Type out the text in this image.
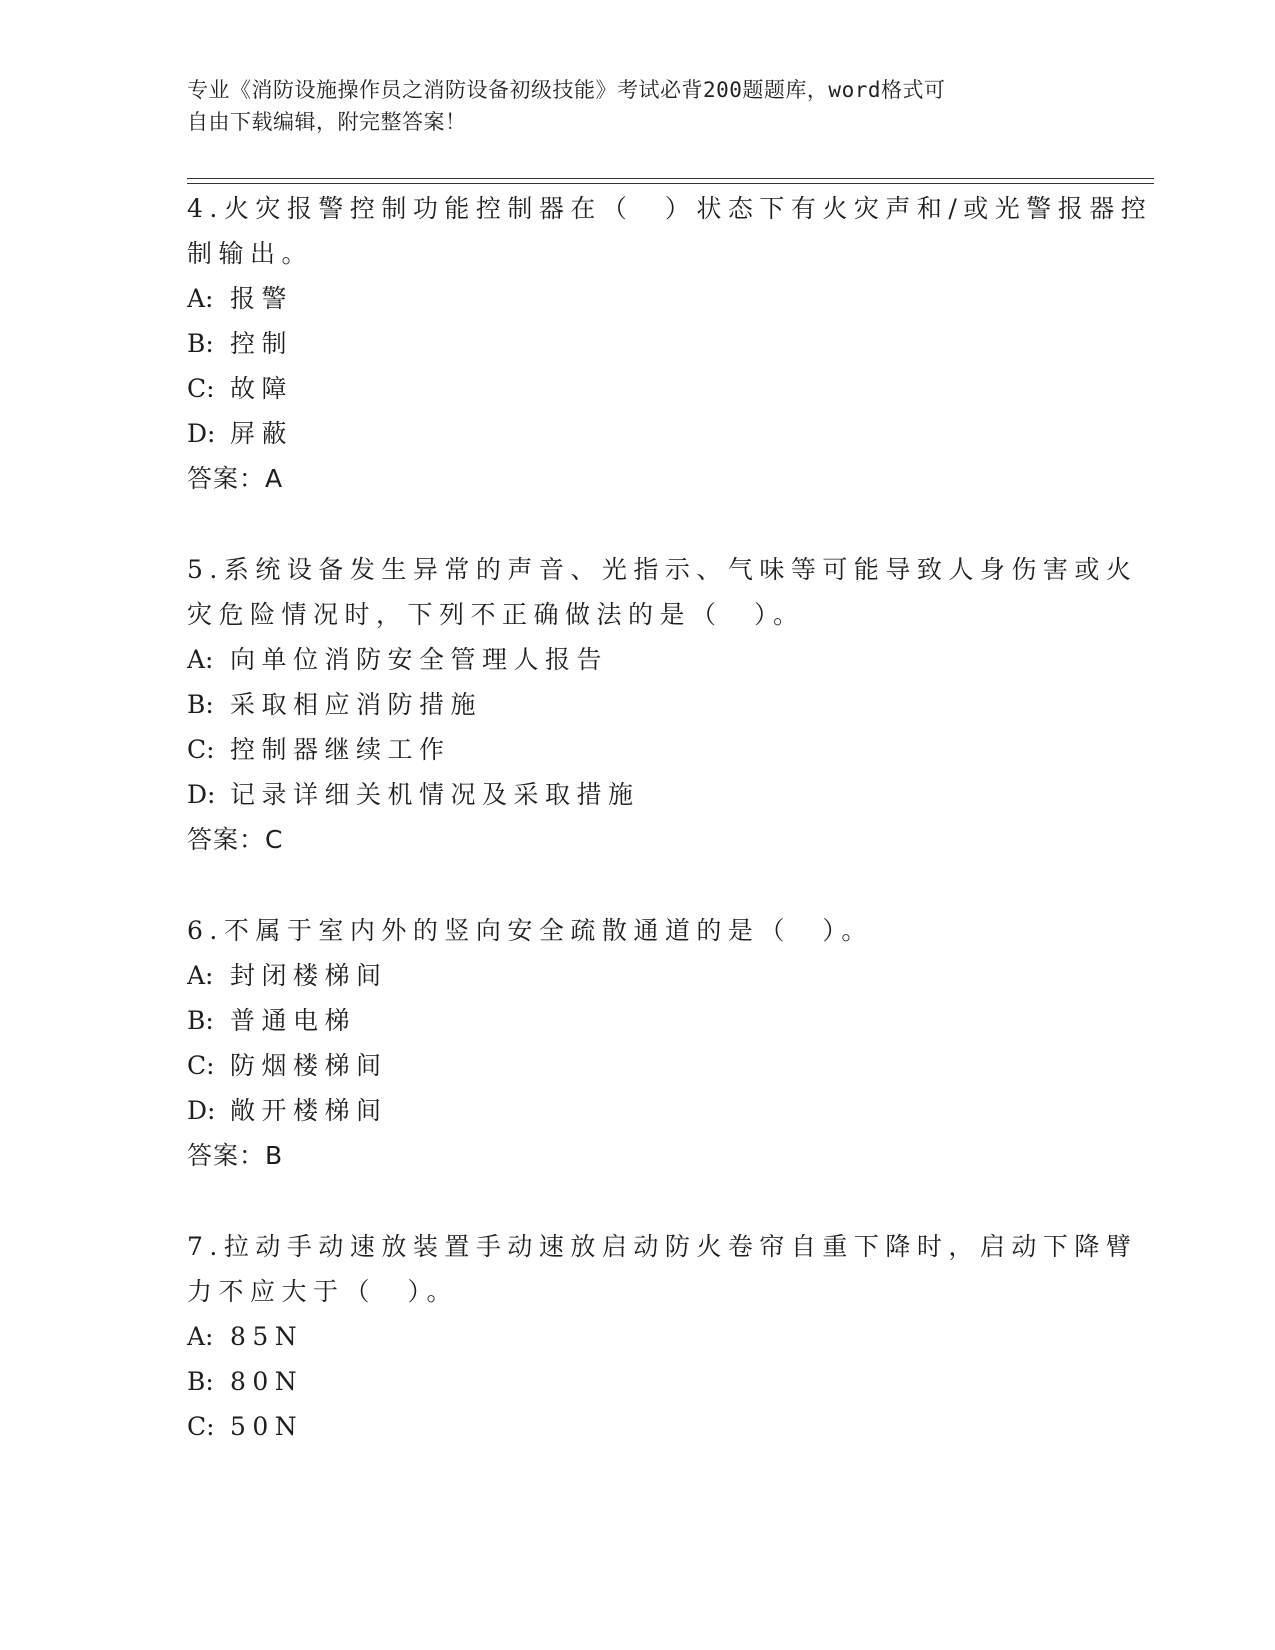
专业《消防设施操作员之消防设备初级技能》考试必背200题题库，word格式可
自由下载编辑，附完整答案！
4.火灾报警控制功能控制器在（　）状态下有火灾声和/或光警报器控
制输出。
A: 报警
B: 控制
C: 故障
D: 屏蔽
答案：A
5.系统设备发生异常的声音、光指示、气味等可能导致人身伤害或火
灾危险情况时，下列不正确做法的是（　）。
A: 向单位消防安全管理人报告
B: 采取相应消防措施
C: 控制器继续工作
D: 记录详细关机情况及采取措施
答案：C
6.不属于室内外的竖向安全疏散通道的是（　）。
A: 封闭楼梯间
B: 普通电梯
C: 防烟楼梯间
D: 敞开楼梯间
答案：B
7.拉动手动速放装置手动速放启动防火卷帘自重下降时，启动下降臂
力不应大于（　）。
A: 85N
B: 80N
C: 50N
